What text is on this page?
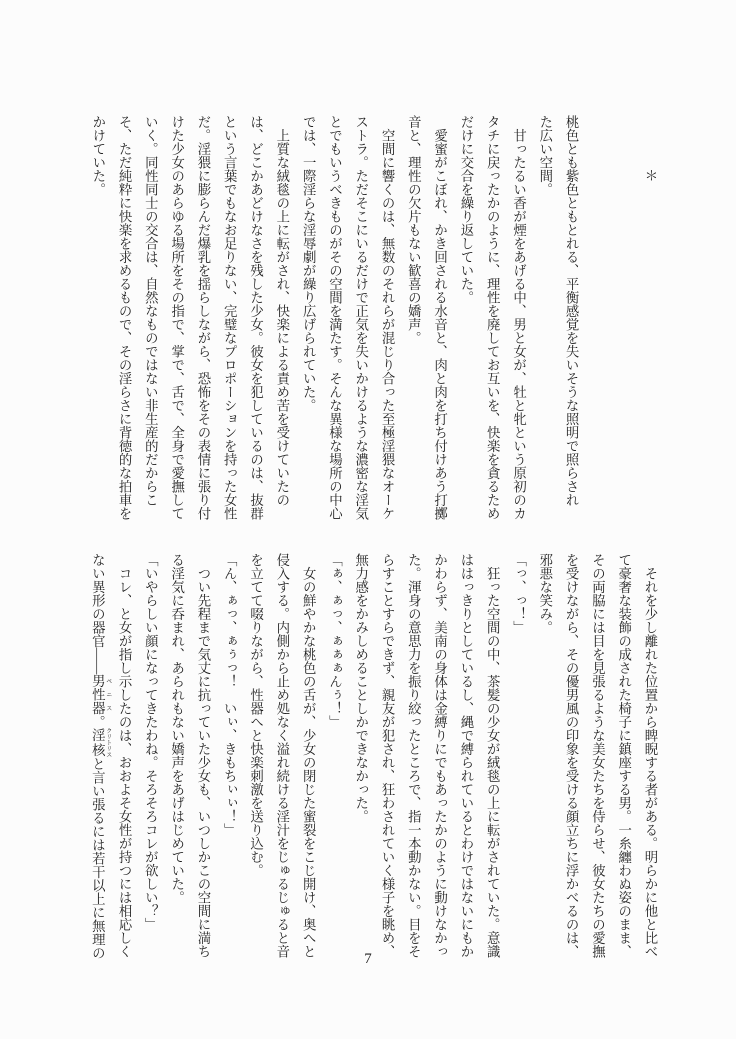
　　　　＊

桃色とも紫色ともとれる、平衡感覚を失いそうな照明で照らされ

た広い空間。

　甘ったるい香が煙をあげる中、男と女が、牡と牝という原初のカ

タチに戻ったかのように、理性を廃してお互いを、快楽を貪るため

だけに交合を繰り返していた。

　愛蜜がこぼれ、かき回される水音と、肉と肉を打ち付けあう打擲

音と、理性の欠片もない歓喜の嬌声。

　空間に響くのは、無数のそれらが混じり合った至極淫猥なオーケ

ストラ。ただそこにいるだけで正気を失いかけるような濃密な淫気

とでもいうべきものがその空間を満たす。そんな異様な場所の中心

では、一際淫らな淫辱劇が繰り広げられていた。

　上質な絨毯の上に転がされ、快楽による責め苦を受けていたの

は、どこかあどけなさを残した少女。彼女を犯しているのは、抜群

という言葉でもなお足りない、完璧なプロポーションを持った女性

だ。淫猥に膨らんだ爆乳を揺らしながら、恐怖をその表情に張り付

けた少女のあらゆる場所をその指で、掌で、舌で、全身で愛撫して

いく。同性同士の交合は、自然なものではない非生産的だからこ

そ、ただ純粋に快楽を求めるもので、その淫らさに背徳的な拍車を

かけていた。

　それを少し離れた位置から睥睨する者がある。明らかに他と比べ

て豪奢な装飾の成された椅子に鎮座する男。一糸纏わぬ姿のまま、

その両脇には目を見張るような美女たちを侍らせ、彼女たちの愛撫

を受けながら、その優男風の印象を受ける顔立ちに浮かべるのは、

邪悪な笑み。

「っ、っ！」

　狂った空間の中、茶髪の少女が絨毯の上に転がされていた。意識

ははっきりとしているし、縄で縛られているとわけではないにもか

かわらず、美南の身体は金縛りにでもあったかのように動けなかっ

た。渾身の意思力を振り絞ったところで、指一本動かない。目をそ

らすことすらできず、親友が犯され、狂わされていく様子を眺め、

無力感をかみしめることしかできなかった。

「ぁ、ぁっ、ぁぁぁんぅ！」

　女の鮮やかな桃色の舌が、少女の閉じた蜜裂をこじ開け、奥へと

侵入する。内側から止め処なく溢れ続ける淫汁をじゅるじゅると音

を立てて啜りながら、性器へと快楽刺激を送り込む。

「ん、ぁっ、ぁぅっ！　いぃ、きもちぃぃ！」

　つい先程まで気丈に抗っていた少女も、いつしかこの空間に満ち

る淫気に呑まれ、あられもない嬌声をあげはじめていた。

「いやらしい顔になってきたわね。そろそろコレが欲しい？」

　コレ、と女が指し示したのは、おおよそ女性が持つには相応しく

ない異形の器官――男性器 ペニス。淫核 クリトリスと言い張るには若干以上に無理の	7
